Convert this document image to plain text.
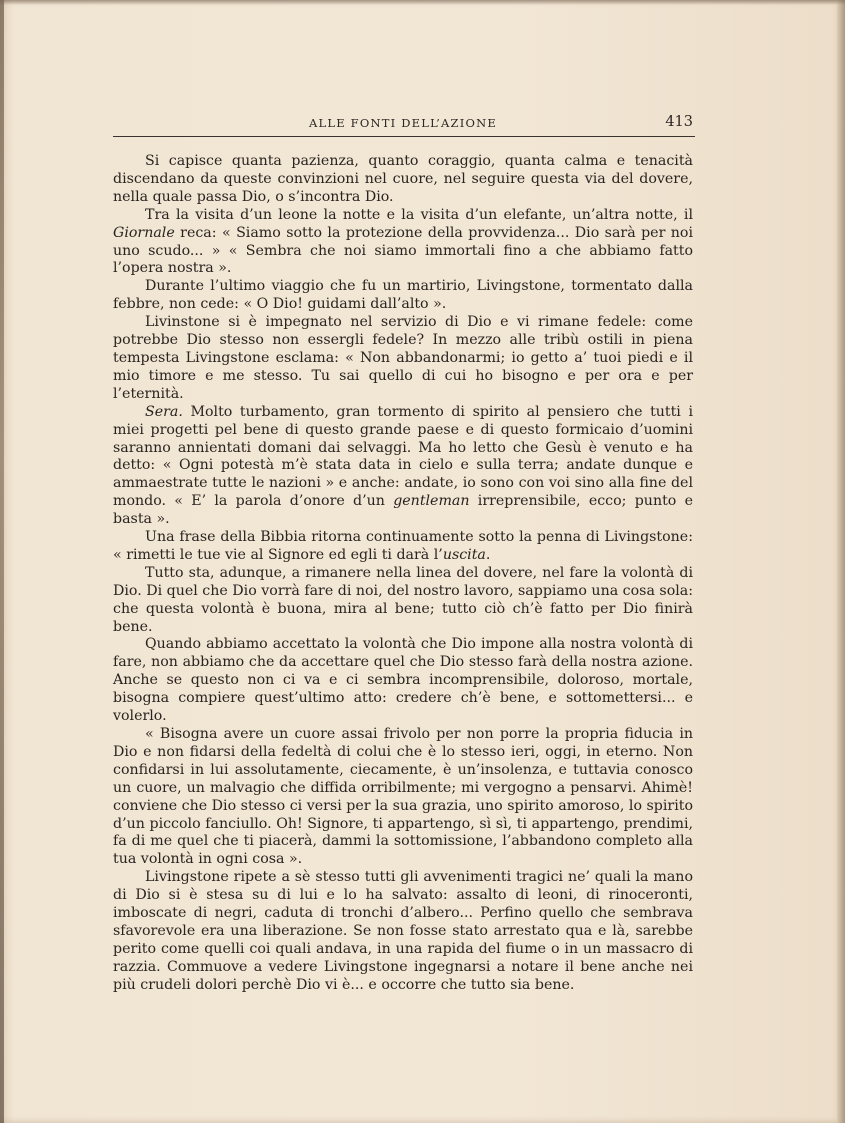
ALLE FONTI DELL’AZIONE	413

Si capisce quanta pazienza, quanto coraggio, quanta calma e tenacità discendano da queste convinzioni nel cuore, nel seguire questa via del dovere, nella quale passa Dio, o s’incontra Dio.

Tra la visita d’un leone la notte e la visita d’un elefante, un’altra notte, il Giornale reca: « Siamo sotto la protezione della provvidenza... Dio sarà per noi uno scudo... » « Sembra che noi siamo immortali fino a che abbiamo fatto l’opera nostra ».

Durante l’ultimo viaggio che fu un martirio, Livingstone, tormentato dalla febbre, non cede: « O Dio! guidami dall’alto ».

Livinstone si è impegnato nel servizio di Dio e vi rimane fedele: come potrebbe Dio stesso non essergli fedele? In mezzo alle tribù ostili in piena tempesta Livingstone esclama: « Non abbandonarmi; io getto a’ tuoi piedi e il mio timore e me stesso. Tu sai quello di cui ho bisogno e per ora e per l’eternità.

Sera. Molto turbamento, gran tormento di spirito al pensiero che tutti i miei progetti pel bene di questo grande paese e di questo formicaio d’uomini saranno annientati domani dai selvaggi. Ma ho letto che Gesù è venuto e ha detto: « Ogni potestà m’è stata data in cielo e sulla terra; andate dunque e ammaestrate tutte le nazioni » e anche: andate, io sono con voi sino alla fine del mondo. « E’ la parola d’onore d’un gentleman irreprensibile, ecco; punto e basta ».

Una frase della Bibbia ritorna continuamente sotto la penna di Livingstone: « rimetti le tue vie al Signore ed egli ti darà l’uscita.

Tutto sta, adunque, a rimanere nella linea del dovere, nel fare la volontà di Dio. Di quel che Dio vorrà fare di noi, del nostro lavoro, sappiamo una cosa sola: che questa volontà è buona, mira al bene; tutto ciò ch’è fatto per Dio finirà bene.

Quando abbiamo accettato la volontà che Dio impone alla nostra volontà di fare, non abbiamo che da accettare quel che Dio stesso farà della nostra azione. Anche se questo non ci va e ci sembra incomprensibile, doloroso, mortale, bisogna compiere quest’ultimo atto: credere ch’è bene, e sottomettersi... e volerlo.

« Bisogna avere un cuore assai frivolo per non porre la propria fiducia in Dio e non fidarsi della fedeltà di colui che è lo stesso ieri, oggi, in eterno. Non confidarsi in lui assolutamente, ciecamente, è un’insolenza, e tuttavia conosco un cuore, un malvagio che diffida orribilmente; mi vergogno a pensarvi. Ahimè! conviene che Dio stesso ci versi per la sua grazia, uno spirito amoroso, lo spirito d’un piccolo fanciullo. Oh! Signore, ti appartengo, sì sì, ti appartengo, prendimi, fa di me quel che ti piacerà, dammi la sottomissione, l’abbandono completo alla tua volontà in ogni cosa ».

Livingstone ripete a sè stesso tutti gli avvenimenti tragici ne’ quali la mano di Dio si è stesa su di lui e lo ha salvato: assalto di leoni, di rinoceronti, imboscate di negri, caduta di tronchi d’albero... Perfino quello che sembrava sfavorevole era una liberazione. Se non fosse stato arrestato qua e là, sarebbe perito come quelli coi quali andava, in una rapida del fiume o in un massacro di razzia. Commuove a vedere Livingstone ingegnarsi a notare il bene anche nei più crudeli dolori perchè Dio vi è... e occorre che tutto sia bene.
